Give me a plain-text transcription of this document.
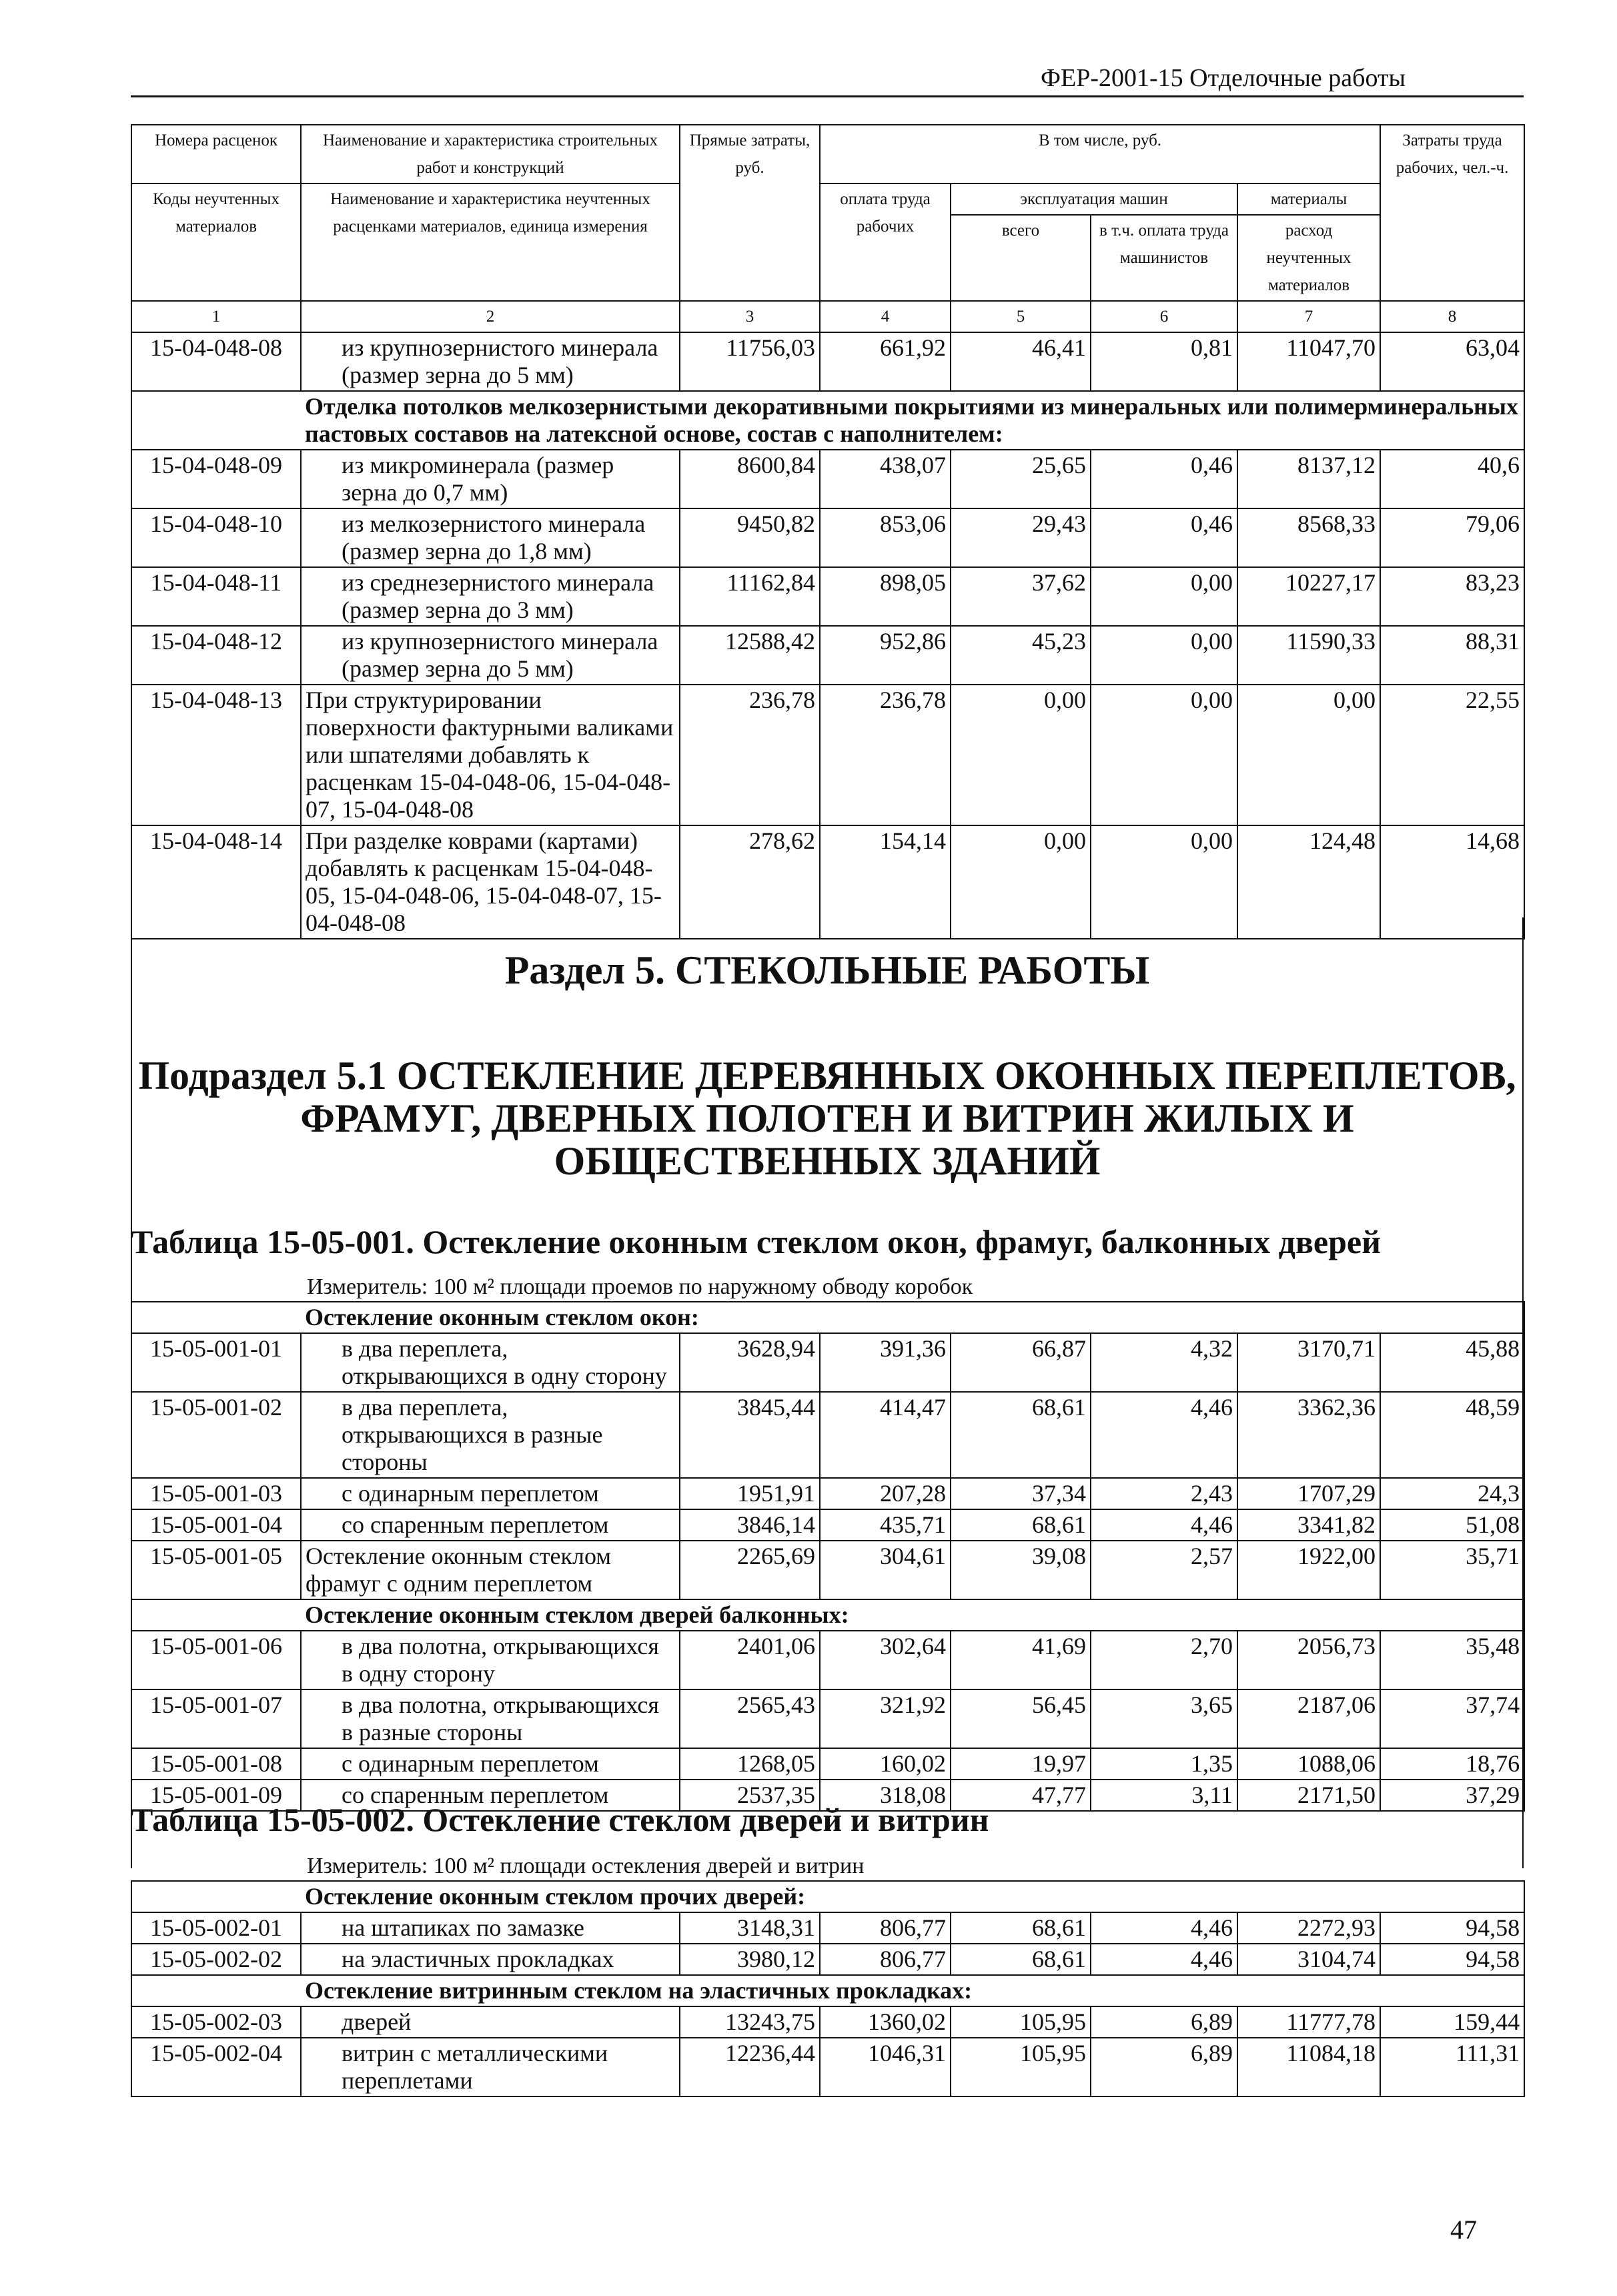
ФЕР-2001-15 Отделочные работы
Номера расценок	Наименование и характеристика строительных работ и конструкций	Прямые затраты, руб.	В том числе, руб.				Затраты труда рабочих, чел.-ч.
Коды неучтенных материалов	Наименование и характеристика неучтенных расценками материалов, единица измерения		оплата труда рабочих	эксплуатация машин		материалы	
				всего	в т.ч. оплата труда машинистов	расход неучтенных материалов	
1	2	3	4	5	6	7	8
15-04-048-08	из крупнозернистого минерала (размер зерна до 5 мм)	11756,03	661,92	46,41	0,81	11047,70	63,04
	Отделка потолков мелкозернистыми декоративными покрытиями из минеральных или полимерминеральных пастовых составов на латексной основе, состав с наполнителем:						
15-04-048-09	из микроминерала (размер зерна до 0,7 мм)	8600,84	438,07	25,65	0,46	8137,12	40,6
15-04-048-10	из мелкозернистого минерала (размер зерна до 1,8 мм)	9450,82	853,06	29,43	0,46	8568,33	79,06
15-04-048-11	из среднезернистого минерала (размер зерна до 3 мм)	11162,84	898,05	37,62	0,00	10227,17	83,23
15-04-048-12	из крупнозернистого минерала (размер зерна до 5 мм)	12588,42	952,86	45,23	0,00	11590,33	88,31
15-04-048-13	При структурировании поверхности фактурными валиками или шпателями добавлять к расценкам 15-04-048-06, 15-04-048-07, 15-04-048-08	236,78	236,78	0,00	0,00	0,00	22,55
15-04-048-14	При разделке коврами (картами) добавлять к расценкам 15-04-048-05, 15-04-048-06, 15-04-048-07, 15-04-048-08	278,62	154,14	0,00	0,00	124,48	14,68
Раздел 5. СТЕКОЛЬНЫЕ РАБОТЫ
Подраздел 5.1 ОСТЕКЛЕНИЕ ДЕРЕВЯННЫХ ОКОННЫХ ПЕРЕПЛЕТОВ,
ФРАМУГ, ДВЕРНЫХ ПОЛОТЕН И ВИТРИН ЖИЛЫХ И
ОБЩЕСТВЕННЫХ ЗДАНИЙ
Таблица 15-05-001. Остекление оконным стеклом окон, фрамуг, балконных дверей
Измеритель: 100 м² площади проемов по наружному обводу коробок
	Остекление оконным стеклом окон:						
15-05-001-01	в два переплета, открывающихся в одну сторону	3628,94	391,36	66,87	4,32	3170,71	45,88
15-05-001-02	в два переплета, открывающихся в разные стороны	3845,44	414,47	68,61	4,46	3362,36	48,59
15-05-001-03	с одинарным переплетом	1951,91	207,28	37,34	2,43	1707,29	24,3
15-05-001-04	со спаренным переплетом	3846,14	435,71	68,61	4,46	3341,82	51,08
15-05-001-05	Остекление оконным стеклом фрамуг с одним переплетом	2265,69	304,61	39,08	2,57	1922,00	35,71
	Остекление оконным стеклом дверей балконных:						
15-05-001-06	в два полотна, открывающихся в одну сторону	2401,06	302,64	41,69	2,70	2056,73	35,48
15-05-001-07	в два полотна, открывающихся в разные стороны	2565,43	321,92	56,45	3,65	2187,06	37,74
15-05-001-08	с одинарным переплетом	1268,05	160,02	19,97	1,35	1088,06	18,76
15-05-001-09	со спаренным переплетом	2537,35	318,08	47,77	3,11	2171,50	37,29
Таблица 15-05-002. Остекление стеклом дверей и витрин
Измеритель: 100 м² площади остекления дверей и витрин
	Остекление оконным стеклом прочих дверей:						
15-05-002-01	на штапиках по замазке	3148,31	806,77	68,61	4,46	2272,93	94,58
15-05-002-02	на эластичных прокладках	3980,12	806,77	68,61	4,46	3104,74	94,58
	Остекление витринным стеклом на эластичных прокладках:						
15-05-002-03	дверей	13243,75	1360,02	105,95	6,89	11777,78	159,44
15-05-002-04	витрин с металлическими переплетами	12236,44	1046,31	105,95	6,89	11084,18	111,31
47
